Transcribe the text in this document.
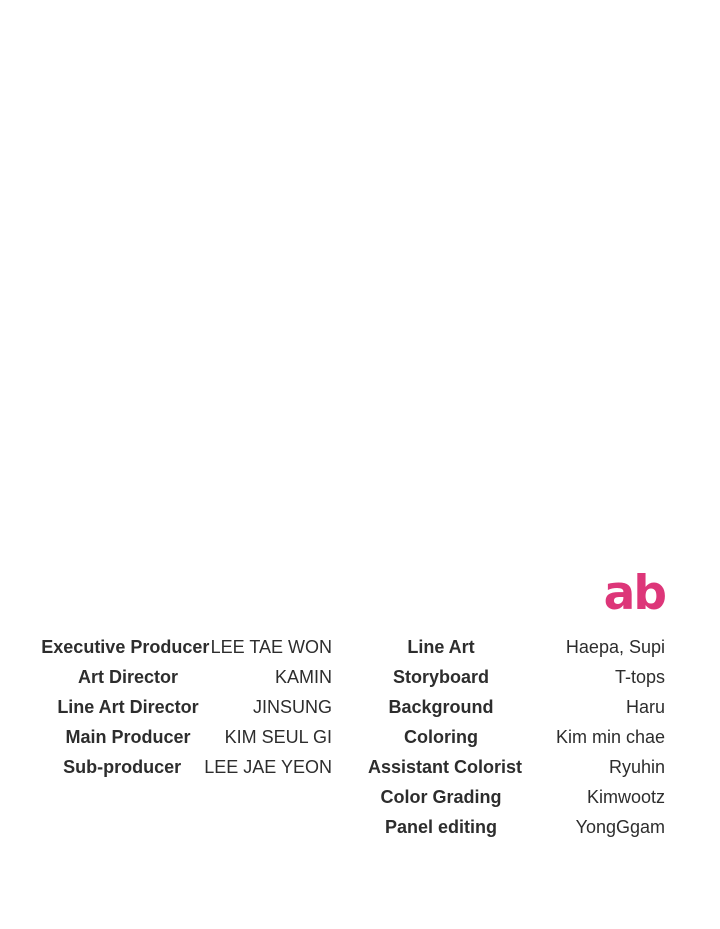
ab
Executive Producer LEE TAE WON
Art Director	KAMIN
Line Art Director	JINSUNG
Main Producer	KIM SEUL GI
Sub-producer	LEE JAE YEON
Line Art	Haepa, Supi
Storyboard	T-tops
Background	Haru
Coloring	Kim min chae
Assistant Colorist	Ryuhin
Color Grading	Kimwootz
Panel editing	YongGgam
